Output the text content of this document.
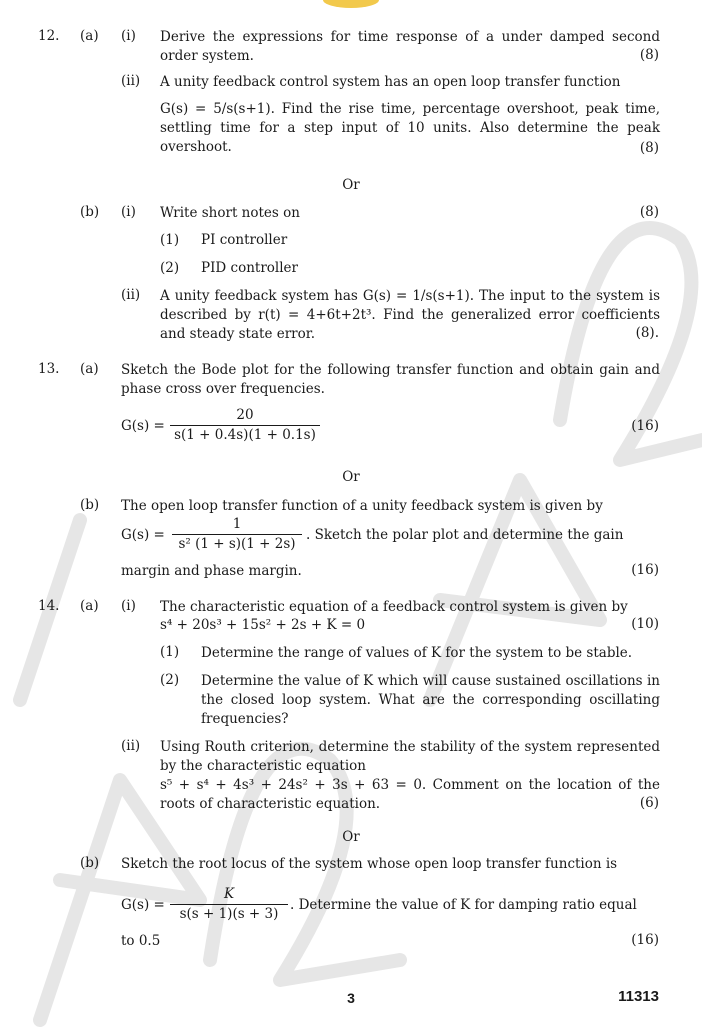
12. (a) (i) Derive the expressions for time response of a under damped second order system.	(8)
(ii) A unity feedback control system has an open loop transfer function
G(s) = 5/s(s+1). Find the rise time, percentage overshoot, peak time, settling time for a step input of 10 units. Also determine the peak overshoot.	(8)
Or
(b) (i) Write short notes on	(8)
(1) PI controller
(2) PID controller
(ii) A unity feedback system has G(s) = 1/s(s+1). The input to the system is described by r(t) = 4+6t+2t³. Find the generalized error coefficients and steady state error.	(8).
13. (a) Sketch the Bode plot for the following transfer function and obtain gain and phase cross over frequencies.
$G(s) = \frac{20}{s(1 + 0.4s)(1 + 0.1s)}$	(16)
Or
(b) The open loop transfer function of a unity feedback system is given by
$G(s) = \frac{1}{\text{s² (1 + s)(1 + 2s)}}$ . Sketch the polar plot and determine the gain
margin and phase margin.	(16)
14. (a) (i) The characteristic equation of a feedback control system is given by
s⁴ + 20s³ + 15s² + 2s + K = 0	(10)
(1) Determine the range of values of K for the system to be stable.
(2) Determine the value of K which will cause sustained oscillations in the closed loop system. What are the corresponding oscillating frequencies?
(ii) Using Routh criterion, determine the stability of the system represented by the characteristic equation
s⁵ + s⁴ + 4s³ + 24s² + 3s + 63 = 0. Comment on the location of the roots of characteristic equation.	(6)
Or
(b) Sketch the root locus of the system whose open loop transfer function is
$G(s) = \frac{K}{s(s + 1)(s + 3)}$ . Determine the value of K for damping ratio equal
to 0.5	(16)
3	11313
